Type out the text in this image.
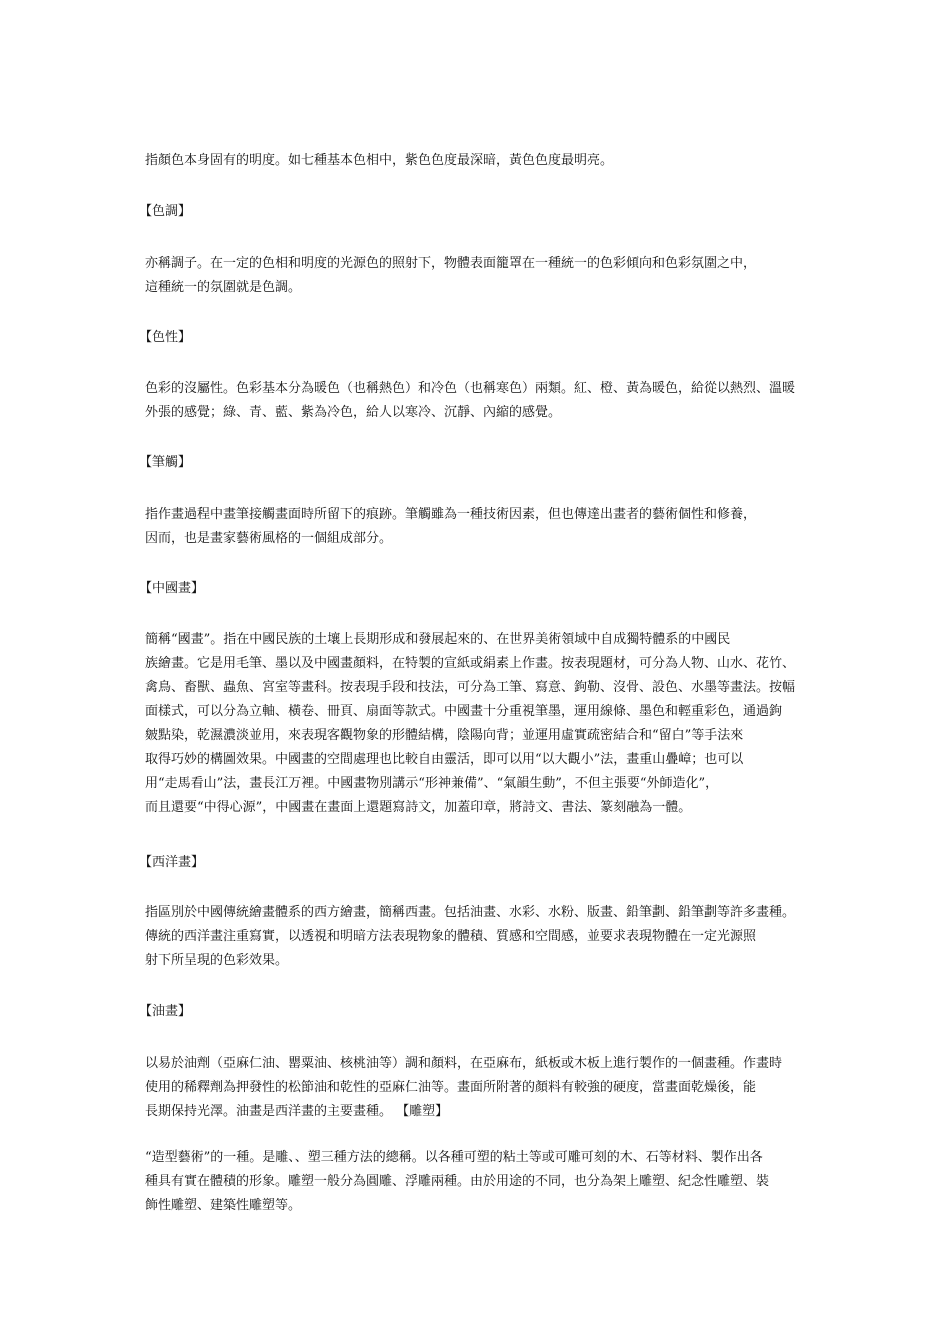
指顏色本身固有的明度。如七種基本色相中，紫色色度最深暗，黃色色度最明亮。
【色調】
亦稱調子。在一定的色相和明度的光源色的照射下，物體表面籠罩在一種統一的色彩傾向和色彩氛圍之中，
這種統一的氛圍就是色調。
【色性】
色彩的沒屬性。色彩基本分為暖色（也稱熱色）和冷色（也稱寒色）兩類。紅、橙、黃為暖色，給從以熱烈、溫暖
外張的感覺；綠、青、藍、紫為冷色，給人以寒冷、沉靜、內縮的感覺。
【筆觸】
指作畫過程中畫筆接觸畫面時所留下的痕跡。筆觸雖為一種技術因素，但也傳達出畫者的藝術個性和修養，
因而，也是畫家藝術風格的一個組成部分。
【中國畫】
簡稱“國畫”。指在中國民族的土壤上長期形成和發展起來的、在世界美術領域中自成獨特體系的中國民
族繪畫。它是用毛筆、墨以及中國畫顏料，在特製的宣紙或絹素上作畫。按表現題材，可分為人物、山水、花竹、
禽鳥、畜獸、蟲魚、宮室等畫科。按表現手段和技法，可分為工筆、寫意、鉤勒、沒骨、設色、水墨等畫法。按幅
面樣式，可以分為立軸、橫卷、冊頁、扇面等款式。中國畫十分重視筆墨，運用線條、墨色和輕重彩色，通過鉤
皴點染，乾濕濃淡並用，來表現客觀物象的形體結構，陰陽向背；並運用虛實疏密結合和“留白”等手法來
取得巧妙的構圖效果。中國畫的空間處理也比較自由靈活，即可以用“以大觀小”法，畫重山疊嶂；也可以
用“走馬看山”法，畫長江万裡。中國畫物別講示“形神兼備”、“氣韻生動”，不但主張要“外師造化”，
而且還要“中得心源”，中國畫在畫面上還題寫詩文，加蓋印章，將詩文、書法、篆刻融為一體。
【西洋畫】
指區別於中國傳統繪畫體系的西方繪畫，簡稱西畫。包括油畫、水彩、水粉、版畫、鉛筆劃、鉛筆劃等許多畫種。
傳統的西洋畫注重寫實，以透視和明暗方法表現物象的體積、質感和空間感，並要求表現物體在一定光源照
射下所呈現的色彩效果。
【油畫】
以易於油劑（亞麻仁油、罌粟油、核桃油等）調和顏料，在亞麻布，紙板或木板上進行製作的一個畫種。作畫時
使用的稀釋劑為押發性的松節油和乾性的亞麻仁油等。畫面所附著的顏料有較強的硬度，當畫面乾燥後，能
長期保持光澤。油畫是西洋畫的主要畫種。 【雕塑】
“造型藝術”的一種。是雕、、塑三種方法的總稱。以各種可塑的粘土等或可雕可刻的木、石等材料、製作出各
種具有實在體積的形象。雕塑一般分為圓雕、浮雕兩種。由於用途的不同，也分為架上雕塑、紀念性雕塑、裝
飾性雕塑、建築性雕塑等。
